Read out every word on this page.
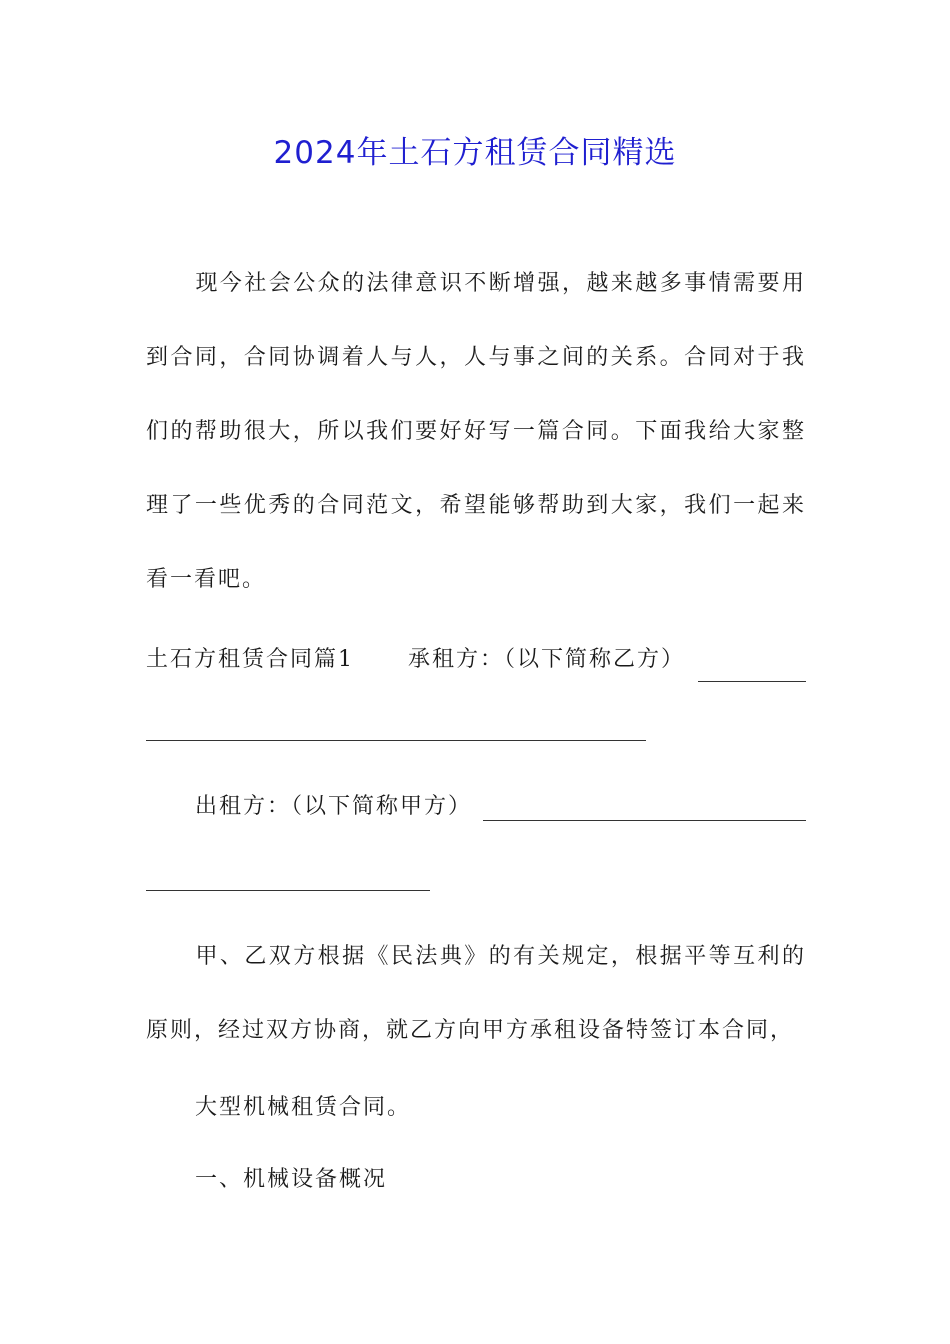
2024年土石方租赁合同精选
现今社会公众的法律意识不断增强，越来越多事情需要用到合同，合同协调着人与人，人与事之间的关系。合同对于我们的帮助很大，所以我们要好好写一篇合同。下面我给大家整理了一些优秀的合同范文，希望能够帮助到大家，我们一起来看一看吧。
土石方租赁合同篇1 承租方：（以下简称乙方）
出租方：（以下简称甲方）
甲、乙双方根据《民法典》的有关规定，根据平等互利的原则，经过双方协商，就乙方向甲方承租设备特签订本合同，
大型机械租赁合同。
一、机械设备概况
